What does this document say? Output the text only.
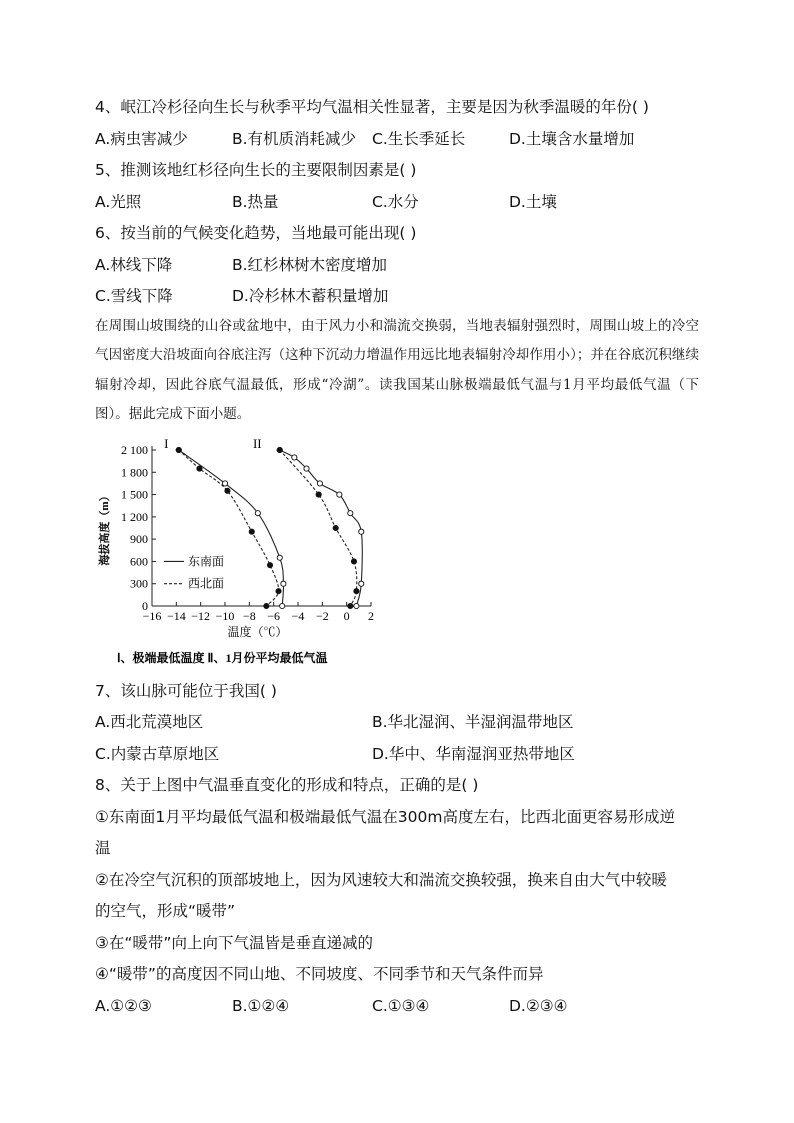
4、岷江冷杉径向生长与秋季平均气温相关性显著，主要是因为秋季温暖的年份( )
A.病虫害减少	B.有机质消耗减少	C.生长季延长	D.土壤含水量增加
5、推测该地红杉径向生长的主要限制因素是( )
A.光照	B.热量	C.水分	D.土壤
6、按当前的气候变化趋势，当地最可能出现( )
A.林线下降	B.红杉林树木密度增加
C.雪线下降	D.冷杉林木蓄积量增加
在周围山坡围绕的山谷或盆地中，由于风力小和湍流交换弱，当地表辐射强烈时，周围山坡上的冷空气因密度大沿坡面向谷底注泻（这种下沉动力增温作用远比地表辐射冷却作用小）；并在谷底沉积继续辐射冷却，因此谷底气温最低，形成“冷湖”。读我国某山脉极端最低气温与1月平均最低气温（下图）。据此完成下面小题。
0
300
600
900
1 200
1 500
1 800
2 100
−16 −14 −12 −10 −8 −6 −4 −2 0 2
海拔高度（m）
温度（℃）
I	II
东南面
西北面
Ⅰ、极端最低温度 Ⅱ、1月份平均最低气温
7、该山脉可能位于我国( )
A.西北荒漠地区	B.华北湿润、半湿润温带地区
C.内蒙古草原地区	D.华中、华南湿润亚热带地区
8、关于上图中气温垂直变化的形成和特点，正确的是( )
①东南面1月平均最低气温和极端最低气温在300m高度左右，比西北面更容易形成逆
温
②在冷空气沉积的顶部坡地上，因为风速较大和湍流交换较强，换来自由大气中较暖
的空气，形成“暖带”
③在“暖带”向上向下气温皆是垂直递减的
④“暖带”的高度因不同山地、不同坡度、不同季节和天气条件而异
A.①②③	B.①②④	C.①③④	D.②③④
